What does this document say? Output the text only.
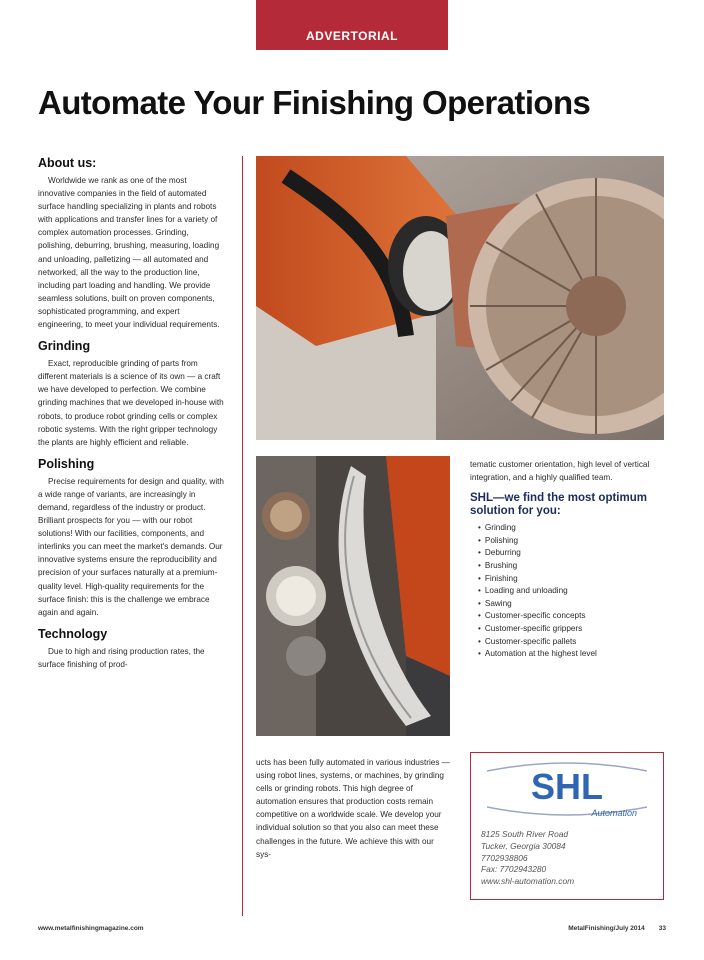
ADVERTORIAL
Automate Your Finishing Operations
About us:

Worldwide we rank as one of the most innovative companies in the field of automated surface handling specializing in plants and robots with applications and transfer lines for a variety of complex automation processes. Grinding, polishing, deburring, brushing, measuring, loading and unloading, palletizing — all automated and networked, all the way to the production line, including part loading and handling. We provide seamless solutions, built on proven components, sophisticated programming, and expert engineering, to meet your individual requirements.

Grinding

Exact, reproducible grinding of parts from different materials is a science of its own — a craft we have developed to perfection. We combine grinding machines that we developed in-house with robots, to produce robot grinding cells or complex robotic systems. With the right gripper technology the plants are highly efficient and reliable.

Polishing

Precise requirements for design and quality, with a wide range of variants, are increasingly in demand, regardless of the industry or product. Brilliant prospects for you — with our robot solutions! With our facilities, components, and interlinks you can meet the market's demands. Our innovative systems ensure the reproducibility and precision of your surfaces naturally at a premium-quality level. High-quality requirements for the surface finish: this is the challenge we embrace again and again.

Technology

Due to high and rising production rates, the surface finishing of prod-

ucts has been fully automated in various industries — using robot lines, systems, or machines, by grinding cells or grinding robots. This high degree of automation ensures that production costs remain competitive on a worldwide scale. We develop your individual solution so that you also can meet these challenges in the future. We achieve this with our sys-

tematic customer orientation, high level of vertical integration, and a highly qualified team.

SHL—we find the most optimum solution for you:
• Grinding
• Polishing
• Deburring
• Brushing
• Finishing
• Loading and unloading
• Sawing
• Customer-specific concepts
• Customer-specific grippers
• Customer-specific pallets
• Automation at the highest level
SHL
Automation
8125 South River Road
Tucker, Georgia 30084
7702938806
Fax: 7702943280
www.shl-automation.com
www.metalfinishingmagazine.com	MetalFinishing/July 2014 33
